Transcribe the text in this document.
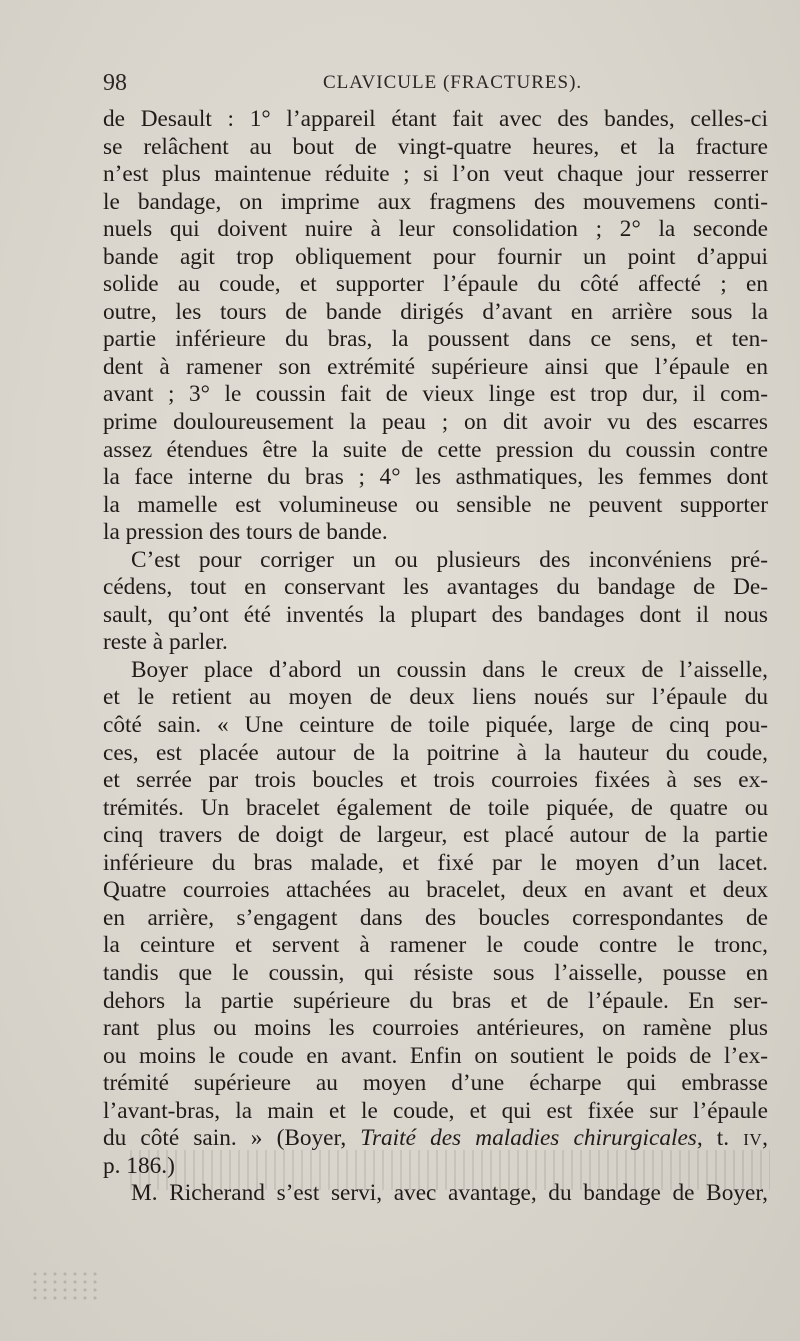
98	CLAVICULE (FRACTURES).
de Desault : 1° l’appareil étant fait avec des bandes, celles-ci
se relâchent au bout de vingt-quatre heures, et la fracture
n’est plus maintenue réduite ; si l’on veut chaque jour resserrer
le bandage, on imprime aux fragmens des mouvemens conti-
nuels qui doivent nuire à leur consolidation ; 2° la seconde
bande agit trop obliquement pour fournir un point d’appui
solide au coude, et supporter l’épaule du côté affecté ; en
outre, les tours de bande dirigés d’avant en arrière sous la
partie inférieure du bras, la poussent dans ce sens, et ten-
dent à ramener son extrémité supérieure ainsi que l’épaule en
avant ; 3° le coussin fait de vieux linge est trop dur, il com-
prime douloureusement la peau ; on dit avoir vu des escarres
assez étendues être la suite de cette pression du coussin contre
la face interne du bras ; 4° les asthmatiques, les femmes dont
la mamelle est volumineuse ou sensible ne peuvent supporter
la pression des tours de bande.
C’est pour corriger un ou plusieurs des inconvéniens pré-
cédens, tout en conservant les avantages du bandage de De-
sault, qu’ont été inventés la plupart des bandages dont il nous
reste à parler.
Boyer place d’abord un coussin dans le creux de l’aisselle,
et le retient au moyen de deux liens noués sur l’épaule du
côté sain. « Une ceinture de toile piquée, large de cinq pou-
ces, est placée autour de la poitrine à la hauteur du coude,
et serrée par trois boucles et trois courroies fixées à ses ex-
trémités. Un bracelet également de toile piquée, de quatre ou
cinq travers de doigt de largeur, est placé autour de la partie
inférieure du bras malade, et fixé par le moyen d’un lacet.
Quatre courroies attachées au bracelet, deux en avant et deux
en arrière, s’engagent dans des boucles correspondantes de
la ceinture et servent à ramener le coude contre le tronc,
tandis que le coussin, qui résiste sous l’aisselle, pousse en
dehors la partie supérieure du bras et de l’épaule. En ser-
rant plus ou moins les courroies antérieures, on ramène plus
ou moins le coude en avant. Enfin on soutient le poids de l’ex-
trémité supérieure au moyen d’une écharpe qui embrasse
l’avant-bras, la main et le coude, et qui est fixée sur l’épaule
du côté sain. » (Boyer, Traité des maladies chirurgicales, t. IV,
p. 186.)
M. Richerand s’est servi, avec avantage, du bandage de Boyer,
